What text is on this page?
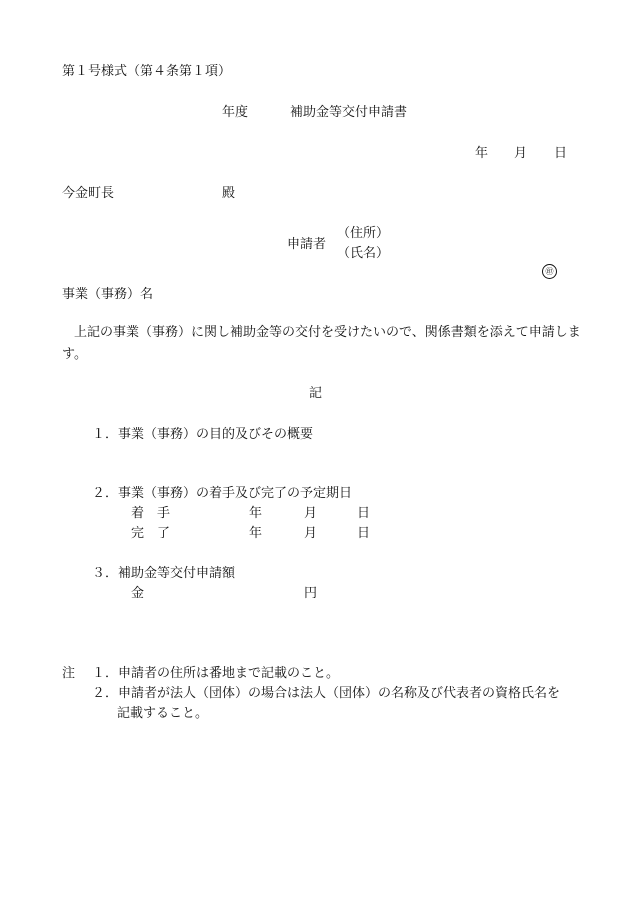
第１号様式（第４条第１項）
年度	補助金等交付申請書
年 月 日
今金町長	殿
申請者
（住所）
（氏名）
㊞
事業（事務）名
上記の事業（事務）に関し補助金等の交付を受けたいので、関係書類を添えて申請します。
記
１．事業（事務）の目的及びその概要
２．事業（事務）の着手及び完了の予定期日
着　手	年	月	日
完　了	年	月	日
３．補助金等交付申請額
金	円
注 １．申請者の住所は番地まで記載のこと。
２．申請者が法人（団体）の場合は法人（団体）の名称及び代表者の資格氏名を
記載すること。
